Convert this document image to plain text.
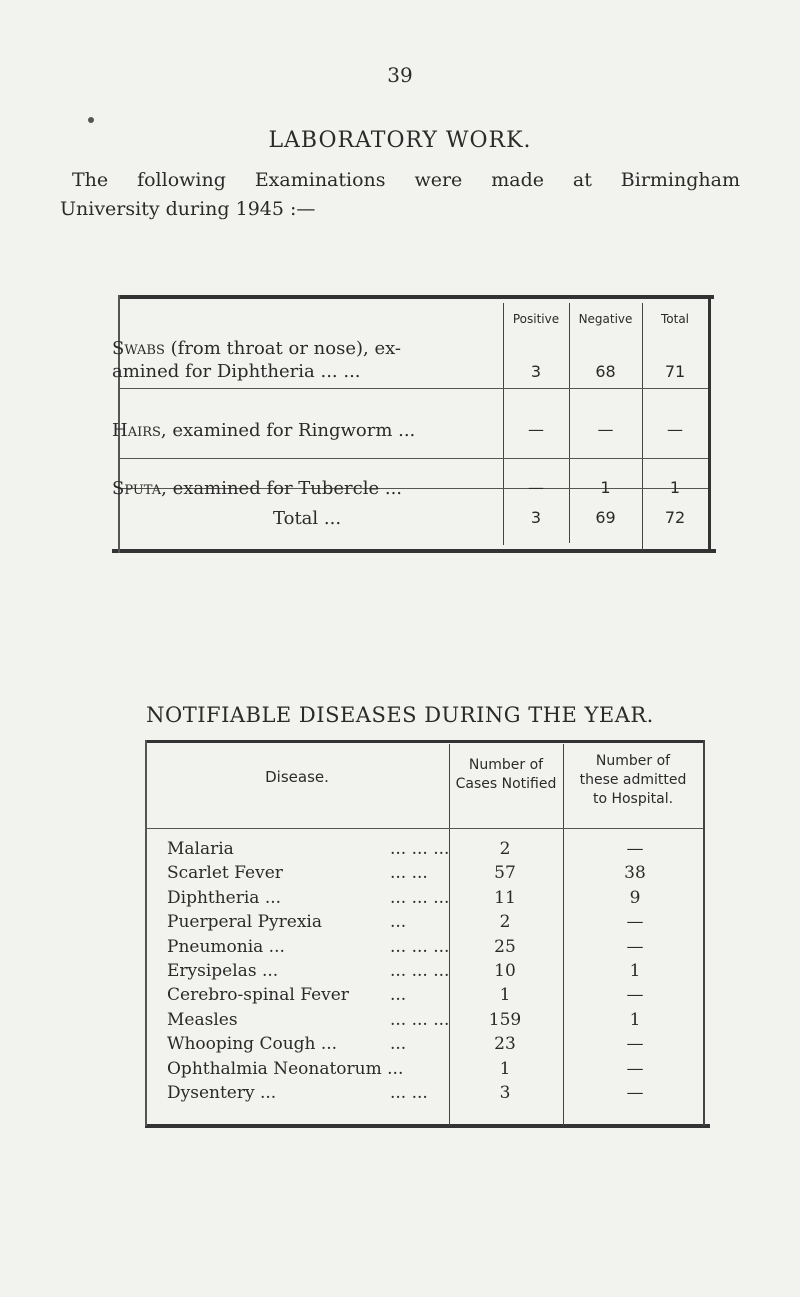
39
LABORATORY WORK.
The following Examinations were made at Birmingham
University during 1945 :—
Positive	Negative	Total
Swabs (from throat or nose), ex-
amined for Diphtheria ... ...	3	68	71
Hairs, examined for Ringworm ...	—	—	—
Sputa, examined for Tubercle ...	—	1	1
Total ...	3	69	72
NOTIFIABLE DISEASES DURING THE YEAR.
Disease.
Number of
Cases Notified
Number of
these admitted
to Hospital.
Malaria	... ... ...	2	—
Scarlet Fever	... ...	57	38
Diphtheria ...	... ... ...	11	9
Puerperal Pyrexia	...	2	—
Pneumonia ...	... ... ...	25	—
Erysipelas ...	... ... ...	10	1
Cerebro-spinal Fever	...	1	—
Measles	... ... ...	159	1
Whooping Cough ...	...	23	—
Ophthalmia Neonatorum ...	1	—
Dysentery ...	... ...	3	—
